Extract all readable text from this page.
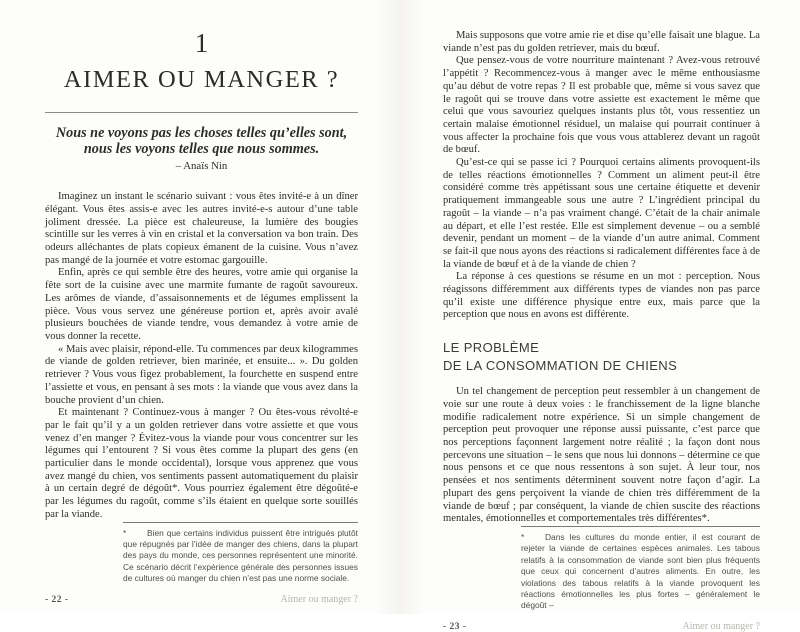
1
AIMER OU MANGER ?

Nous ne voyons pas les choses telles qu’elles sont,
nous les voyons telles que nous sommes.

– Anaïs Nin

Imaginez un instant le scénario suivant : vous êtes invité-e à un dîner élégant. Vous êtes assis-e avec les autres invité-e-s autour d’une table joliment dressée. La pièce est chaleureuse, la lumière des bougies scintille sur les verres à vin en cristal et la conversation va bon train. Des odeurs alléchantes de plats copieux émanent de la cuisine. Vous n’avez pas mangé de la journée et votre estomac gargouille.

Enfin, après ce qui semble être des heures, votre amie qui organise la fête sort de la cuisine avec une marmite fumante de ragoût savoureux. Les arômes de viande, d’assaisonnements et de légumes emplissent la pièce. Vous vous servez une généreuse portion et, après avoir avalé plusieurs bouchées de viande tendre, vous demandez à votre amie de vous donner la recette.

« Mais avec plaisir, répond-elle. Tu commences par deux kilogrammes de viande de golden retriever, bien marinée, et ensuite... ». Du golden retriever ? Vous vous figez probablement, la fourchette en suspend entre l’assiette et vous, en pensant à ses mots : la viande que vous avez dans la bouche provient d’un chien.

Et maintenant ? Continuez-vous à manger ? Ou êtes-vous révolté-e par le fait qu’il y a un golden retriever dans votre assiette et que vous venez d’en manger ? Évitez-vous la viande pour vous concentrer sur les légumes qui l’entourent ? Si vous êtes comme la plupart des gens (en particulier dans le monde occidental), lorsque vous apprenez que vous avez mangé du chien, vos sentiments passent automatiquement du plaisir à un certain degré de dégoût*. Vous pourriez également être dégoûté-e par les légumes du ragoût, comme s’ils étaient en quelque sorte souillés par la viande.

* Bien que certains individus puissent être intrigués plutôt que répugnés par l’idée de manger des chiens, dans la plupart des pays du monde, ces personnes représentent une minorité. Ce scénario décrit l’expérience générale des personnes issues de cultures où manger du chien n’est pas une norme sociale.

- 22 -	Aimer ou manger ?

Mais supposons que votre amie rie et dise qu’elle faisait une blague. La viande n’est pas du golden retriever, mais du bœuf.

Que pensez-vous de votre nourriture maintenant ? Avez-vous retrouvé l’appétit ? Recommencez-vous à manger avec le même enthousiasme qu’au début de votre repas ? Il est probable que, même si vous savez que le ragoût qui se trouve dans votre assiette est exactement le même que celui que vous savouriez quelques instants plus tôt, vous ressentiez un certain malaise émotionnel résiduel, un malaise qui pourrait continuer à vous affecter la prochaine fois que vous vous attablerez devant un ragoût de bœuf.

Qu’est-ce qui se passe ici ? Pourquoi certains aliments provoquent-ils de telles réactions émotionnelles ? Comment un aliment peut-il être considéré comme très appétissant sous une certaine étiquette et devenir pratiquement immangeable sous une autre ? L’ingrédient principal du ragoût – la viande – n’a pas vraiment changé. C’était de la chair animale au départ, et elle l’est restée. Elle est simplement devenue – ou a semblé devenir, pendant un moment – de la viande d’un autre animal. Comment se fait-il que nous ayons des réactions si radicalement différentes face à de la viande de bœuf et à de la viande de chien ?

La réponse à ces questions se résume en un mot : perception. Nous réagissons différemment aux différents types de viandes non pas parce qu’il existe une différence physique entre eux, mais parce que la perception que nous en avons est différente.

LE PROBLÈME
DE LA CONSOMMATION DE CHIENS

Un tel changement de perception peut ressembler à un changement de voie sur une route à deux voies : le franchissement de la ligne blanche modifie radicalement notre expérience. Si un simple changement de perception peut provoquer une réponse aussi puissante, c’est parce que nos perceptions façonnent largement notre réalité ; la façon dont nous percevons une situation – le sens que nous lui donnons – détermine ce que nous pensons et ce que nous ressentons à son sujet. À leur tour, nos pensées et nos sentiments déterminent souvent notre façon d’agir. La plupart des gens perçoivent la viande de chien très différemment de la viande de bœuf ; par conséquent, la viande de chien suscite des réactions mentales, émotionnelles et comportementales très différentes*.

* Dans les cultures du monde entier, il est courant de rejeter la viande de certaines espèces animales. Les tabous relatifs à la consommation de viande sont bien plus fréquents que ceux qui concernent d’autres aliments. En outre, les violations des tabous relatifs à la viande provoquent les réactions émotionnelles les plus fortes – généralement le dégoût –

- 23 -	Aimer ou manger ?
